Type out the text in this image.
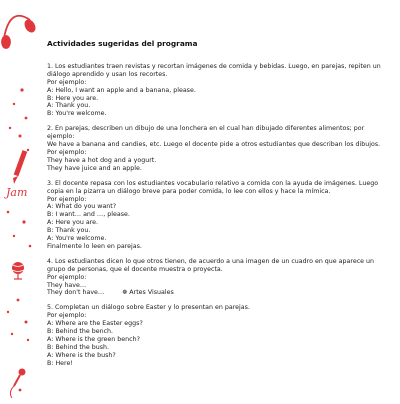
Jam
Actividades sugeridas del programa
1. Los estudiantes traen revistas y recortan imágenes de comida y bebidas. Luego, en parejas, repiten un diálogo aprendido y usan los recortes.
Por ejemplo:
A: Hello, I want an apple and a banana, please.
B: Here you are.
A: Thank you.
B: You're welcome.
2. En parejas, describen un dibujo de una lonchera en el cual han dibujado diferentes alimentos; por ejemplo:
We have a banana and candies, etc. Luego el docente pide a otros estudiantes que describan los dibujos.
Por ejemplo:
They have a hot dog and a yogurt.
They have juice and an apple.
3. El docente repasa con los estudiantes vocabulario relativo a comida con la ayuda de imágenes. Luego copia en la pizarra un diálogo breve para poder comida, lo lee con ellos y hace la mímica.
Por ejemplo:
A: What do you want?
B: I want… and …, please.
A: Here you are.
B: Thank you.
A: You're welcome.
Finalmente lo leen en parejas.
4. Los estudiantes dicen lo que otros tienen, de acuerdo a una imagen de un cuadro en que aparece un grupo de personas, que el docente muestra o proyecta.
Por ejemplo:
They have…
They don't have…	❁ Artes Visuales
5. Completan un diálogo sobre Easter y lo presentan en parejas.
Por ejemplo:
A: Where are the Easter eggs?
B: Behind the bench.
A: Where is the green bench?
B: Behind the bush.
A: Where is the bush?
B: Here!
